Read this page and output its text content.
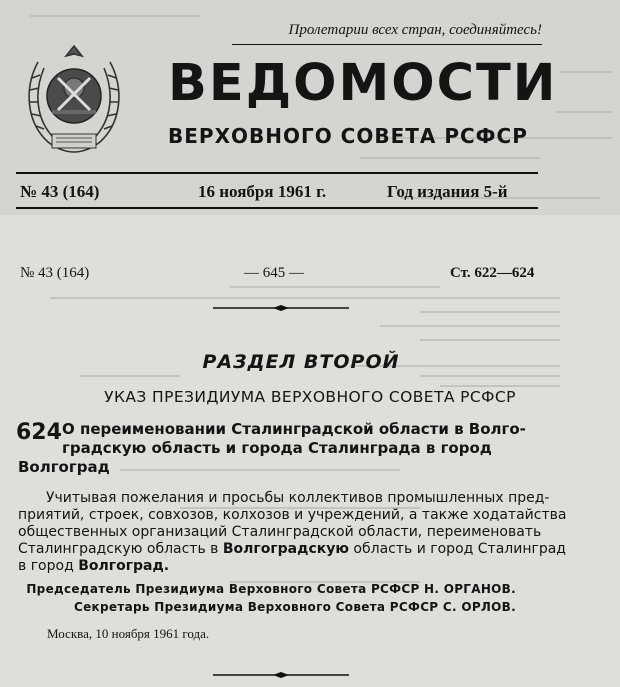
Пролетарии всех стран, соединяйтесь!
ВЕДОМОСТИ
ВЕРХОВНОГО СОВЕТА РСФСР
№ 43 (164)	16 ноября 1961 г.	Год издания 5-й
№ 43 (164)	— 645 —	Ст. 622—624
РАЗДЕЛ ВТОРОЙ
УКАЗ ПРЕЗИДИУМА ВЕРХОВНОГО СОВЕТА РСФСР
624 О переименовании Сталинградской области в Волго-
градскую область и города Сталинграда в город
Волгоград
Учитывая пожелания и просьбы коллективов промышленных пред-
приятий, строек, совхозов, колхозов и учреждений, а также ходатайства
общественных организаций Сталинградской области, переименовать
Сталинградскую область в Волгоградскую область и город Сталинград
в город Волгоград.
Председатель Президиума Верховного Совета РСФСР Н. ОРГАНОВ.
Секретарь Президиума Верховного Совета РСФСР С. ОРЛОВ.
Москва, 10 ноября 1961 года.
